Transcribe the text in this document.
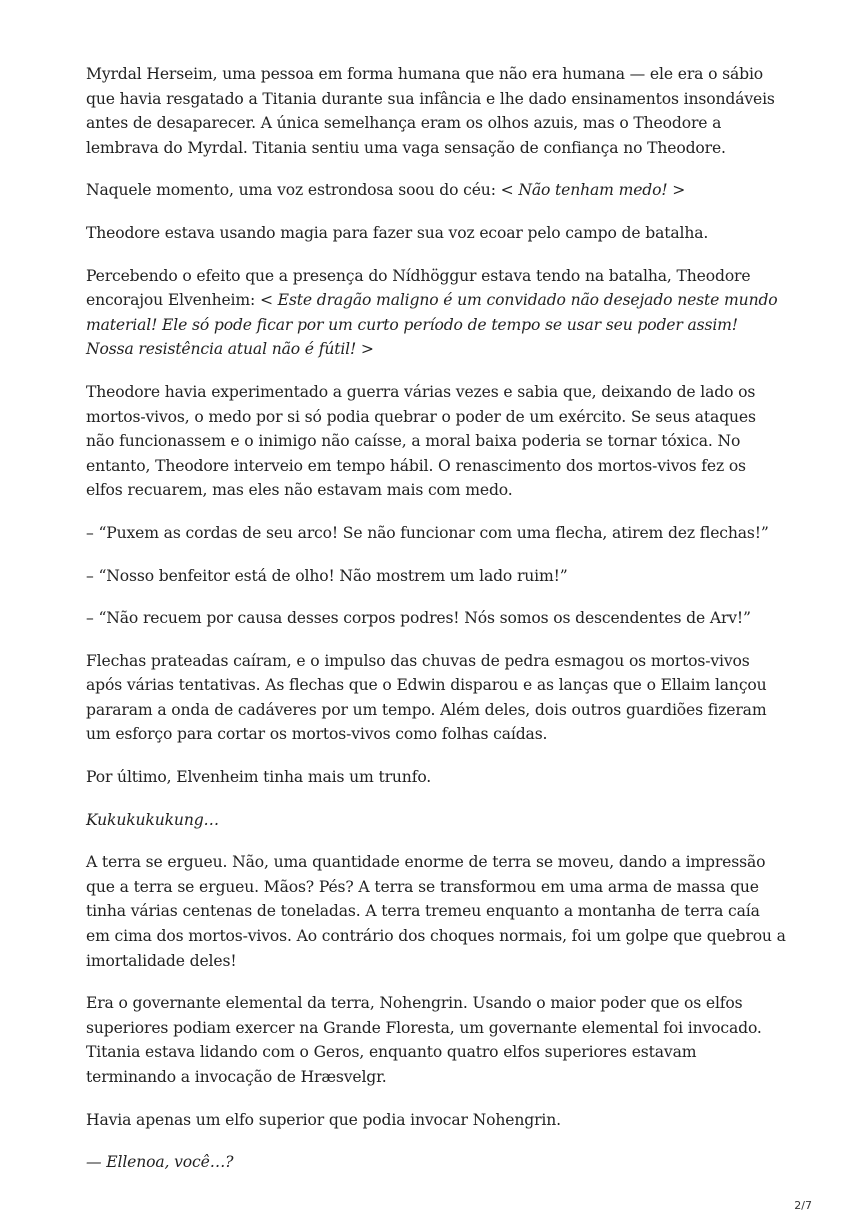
Myrdal Herseim, uma pessoa em forma humana que não era humana — ele era o sábio que havia resgatado a Titania durante sua infância e lhe dado ensinamentos insondáveis antes de desaparecer. A única semelhança eram os olhos azuis, mas o Theodore a lembrava do Myrdal. Titania sentiu uma vaga sensação de confiança no Theodore.

Naquele momento, uma voz estrondosa soou do céu: < Não tenham medo! >

Theodore estava usando magia para fazer sua voz ecoar pelo campo de batalha.

Percebendo o efeito que a presença do Nídhöggur estava tendo na batalha, Theodore encorajou Elvenheim: < Este dragão maligno é um convidado não desejado neste mundo material! Ele só pode ficar por um curto período de tempo se usar seu poder assim! Nossa resistência atual não é fútil! >

Theodore havia experimentado a guerra várias vezes e sabia que, deixando de lado os mortos-vivos, o medo por si só podia quebrar o poder de um exército. Se seus ataques não funcionassem e o inimigo não caísse, a moral baixa poderia se tornar tóxica. No entanto, Theodore interveio em tempo hábil. O renascimento dos mortos-vivos fez os elfos recuarem, mas eles não estavam mais com medo.

– “Puxem as cordas de seu arco! Se não funcionar com uma flecha, atirem dez flechas!”

– “Nosso benfeitor está de olho! Não mostrem um lado ruim!”

– “Não recuem por causa desses corpos podres! Nós somos os descendentes de Arv!”

Flechas prateadas caíram, e o impulso das chuvas de pedra esmagou os mortos-vivos após várias tentativas. As flechas que o Edwin disparou e as lanças que o Ellaim lançou pararam a onda de cadáveres por um tempo. Além deles, dois outros guardiões fizeram um esforço para cortar os mortos-vivos como folhas caídas.

Por último, Elvenheim tinha mais um trunfo.

Kukukukukung…

A terra se ergueu. Não, uma quantidade enorme de terra se moveu, dando a impressão que a terra se ergueu. Mãos? Pés? A terra se transformou em uma arma de massa que tinha várias centenas de toneladas. A terra tremeu enquanto a montanha de terra caía em cima dos mortos-vivos. Ao contrário dos choques normais, foi um golpe que quebrou a imortalidade deles!

Era o governante elemental da terra, Nohengrin. Usando o maior poder que os elfos superiores podiam exercer na Grande Floresta, um governante elemental foi invocado. Titania estava lidando com o Geros, enquanto quatro elfos superiores estavam terminando a invocação de Hræsvelgr.

Havia apenas um elfo superior que podia invocar Nohengrin.

— Ellenoa, você…?

2/7
